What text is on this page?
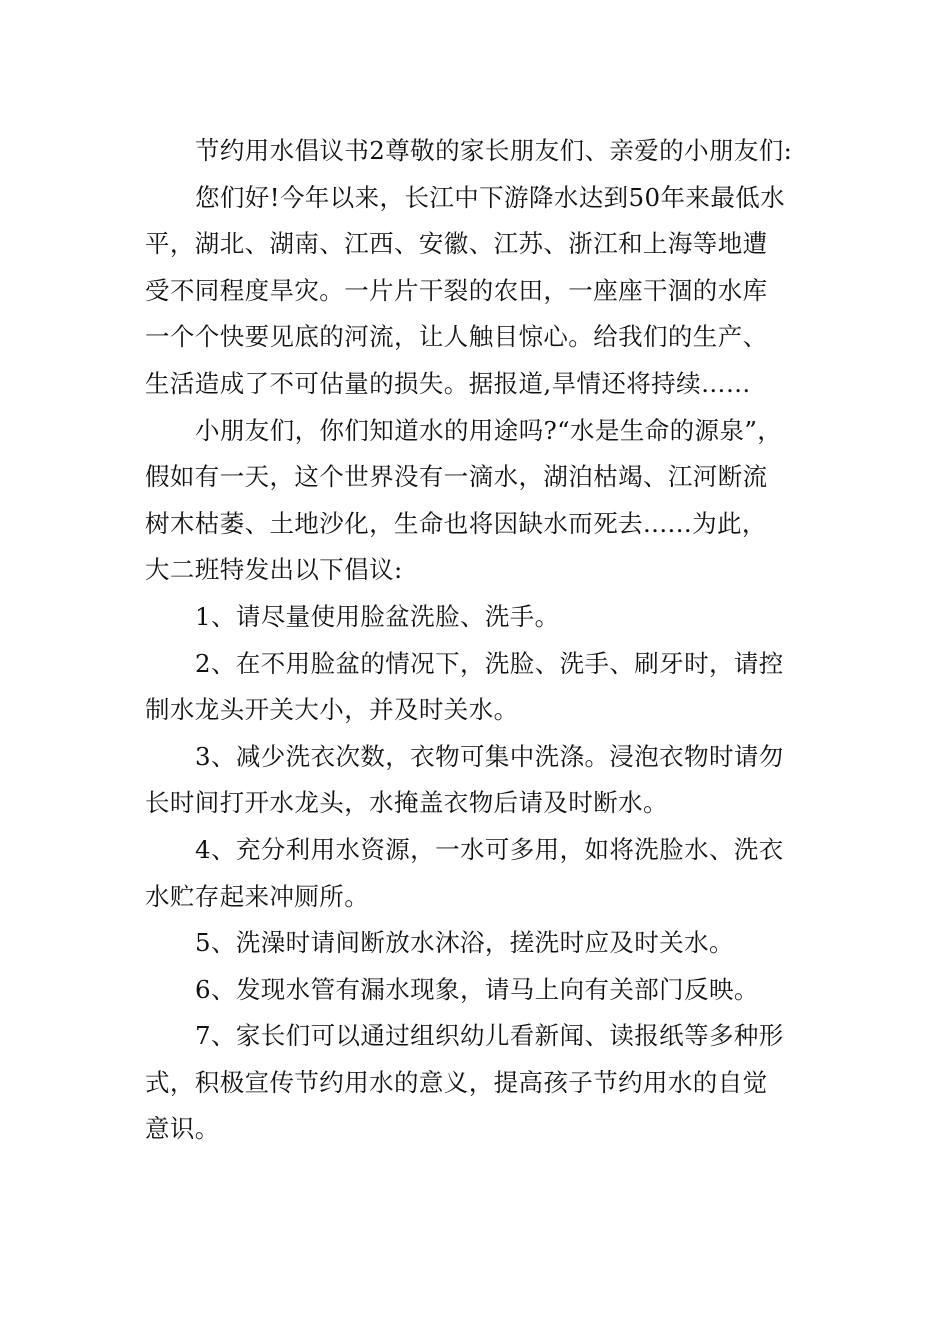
节约用水倡议书2尊敬的家长朋友们、亲爱的小朋友们:
您们好!今年以来，长江中下游降水达到50年来最低水
平，湖北、湖南、江西、安徽、江苏、浙江和上海等地遭
受不同程度旱灾。一片片干裂的农田，一座座干涸的水库
一个个快要见底的河流，让人触目惊心。给我们的生产、
生活造成了不可估量的损失。据报道,旱情还将持续……
小朋友们，你们知道水的用途吗?“水是生命的源泉”，
假如有一天，这个世界没有一滴水，湖泊枯竭、江河断流
树木枯萎、土地沙化，生命也将因缺水而死去......为此，
大二班特发出以下倡议:
1、请尽量使用脸盆洗脸、洗手。
2、在不用脸盆的情况下，洗脸、洗手、刷牙时，请控
制水龙头开关大小，并及时关水。
3、减少洗衣次数，衣物可集中洗涤。浸泡衣物时请勿
长时间打开水龙头，水掩盖衣物后请及时断水。
4、充分利用水资源，一水可多用，如将洗脸水、洗衣
水贮存起来冲厕所。
5、洗澡时请间断放水沐浴，搓洗时应及时关水。
6、发现水管有漏水现象，请马上向有关部门反映。
7、家长们可以通过组织幼儿看新闻、读报纸等多种形
式，积极宣传节约用水的意义，提高孩子节约用水的自觉
意识。
